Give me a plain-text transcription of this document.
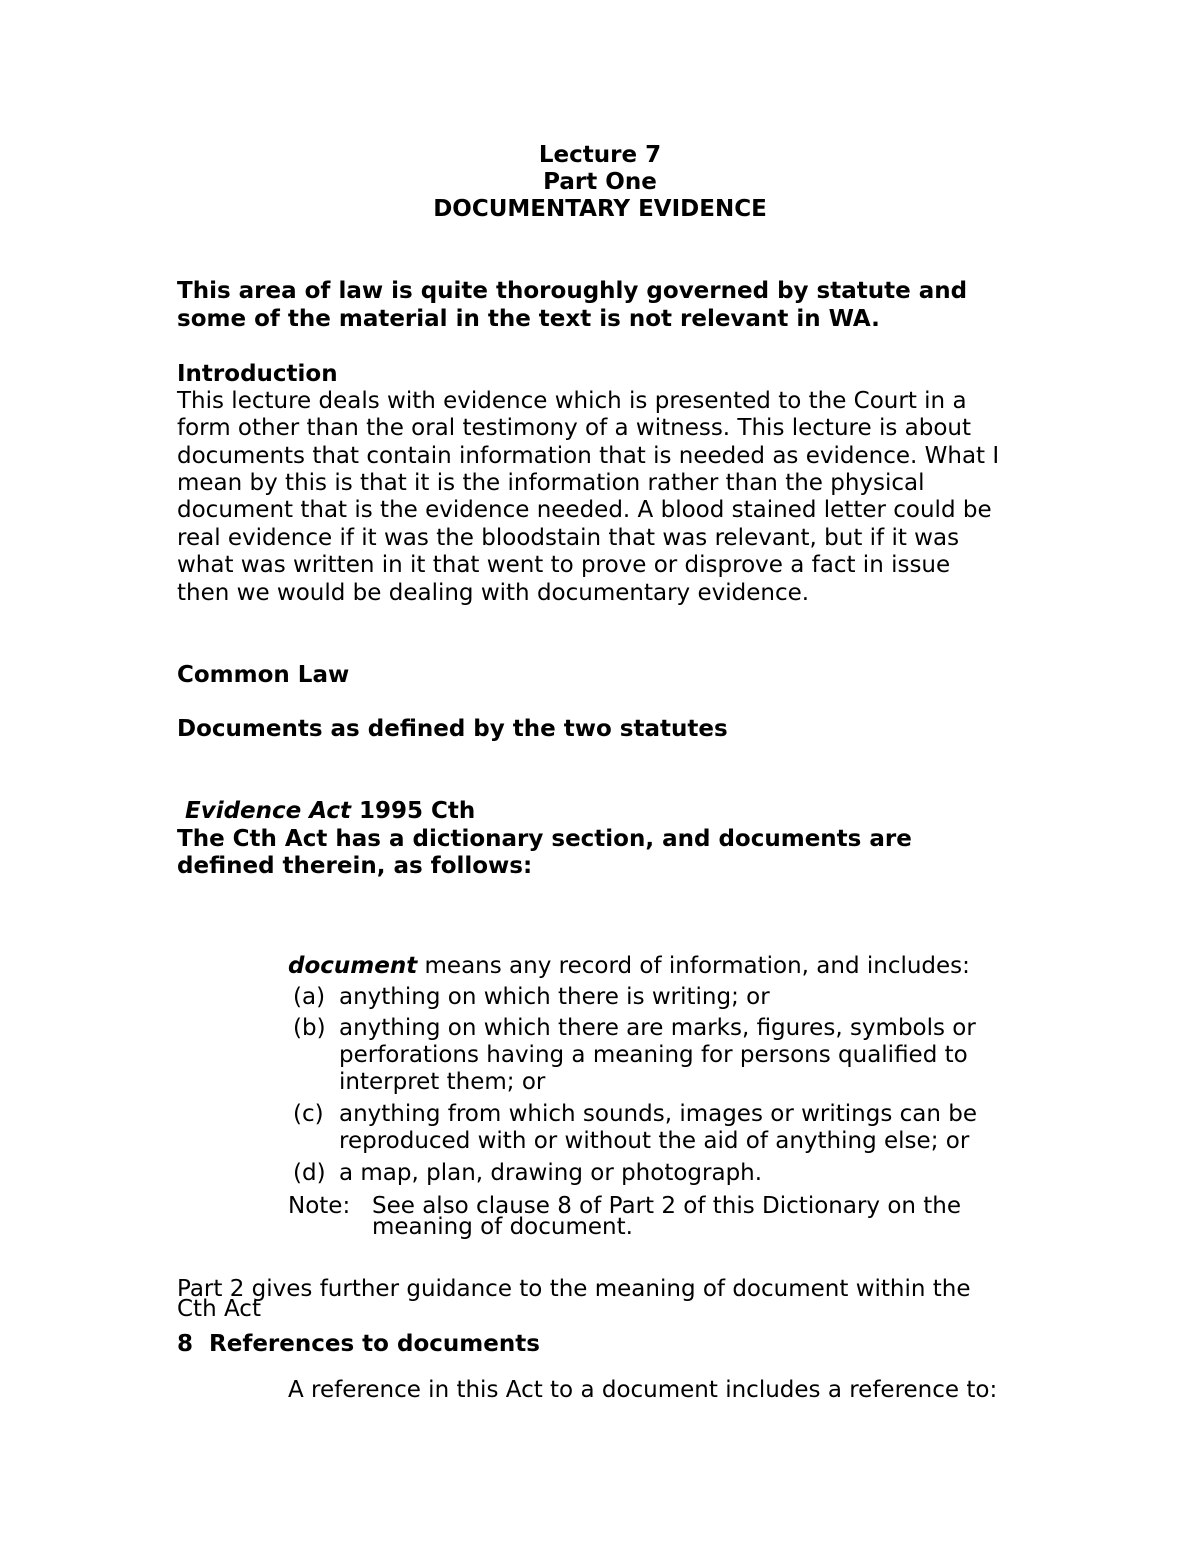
Lecture 7

Part One

DOCUMENTARY EVIDENCE

This area of law is quite thoroughly governed by statute and

some of the material in the text is not relevant in WA.

Introduction

This lecture deals with evidence which is presented to the Court in a

form other than the oral testimony of a witness. This lecture is about

documents that contain information that is needed as evidence. What I

mean by this is that it is the information rather than the physical

document that is the evidence needed. A blood stained letter could be

real evidence if it was the bloodstain that was relevant, but if it was

what was written in it that went to prove or disprove a fact in issue

then we would be dealing with documentary evidence.

Common Law

Documents as defined by the two statutes

Evidence Act 1995 Cth

The Cth Act has a dictionary section, and documents are

defined therein, as follows:

document means any record of information, and includes:

(a) anything on which there is writing; or

(b) anything on which there are marks, figures, symbols or

perforations having a meaning for persons qualified to

interpret them; or

(c) anything from which sounds, images or writings can be

reproduced with or without the aid of anything else; or

(d) a map, plan, drawing or photograph.

Note: See also clause 8 of Part 2 of this Dictionary on the

meaning of document.

Part 2 gives further guidance to the meaning of document within the

Cth Act

8  References to documents

A reference in this Act to a document includes a reference to:
